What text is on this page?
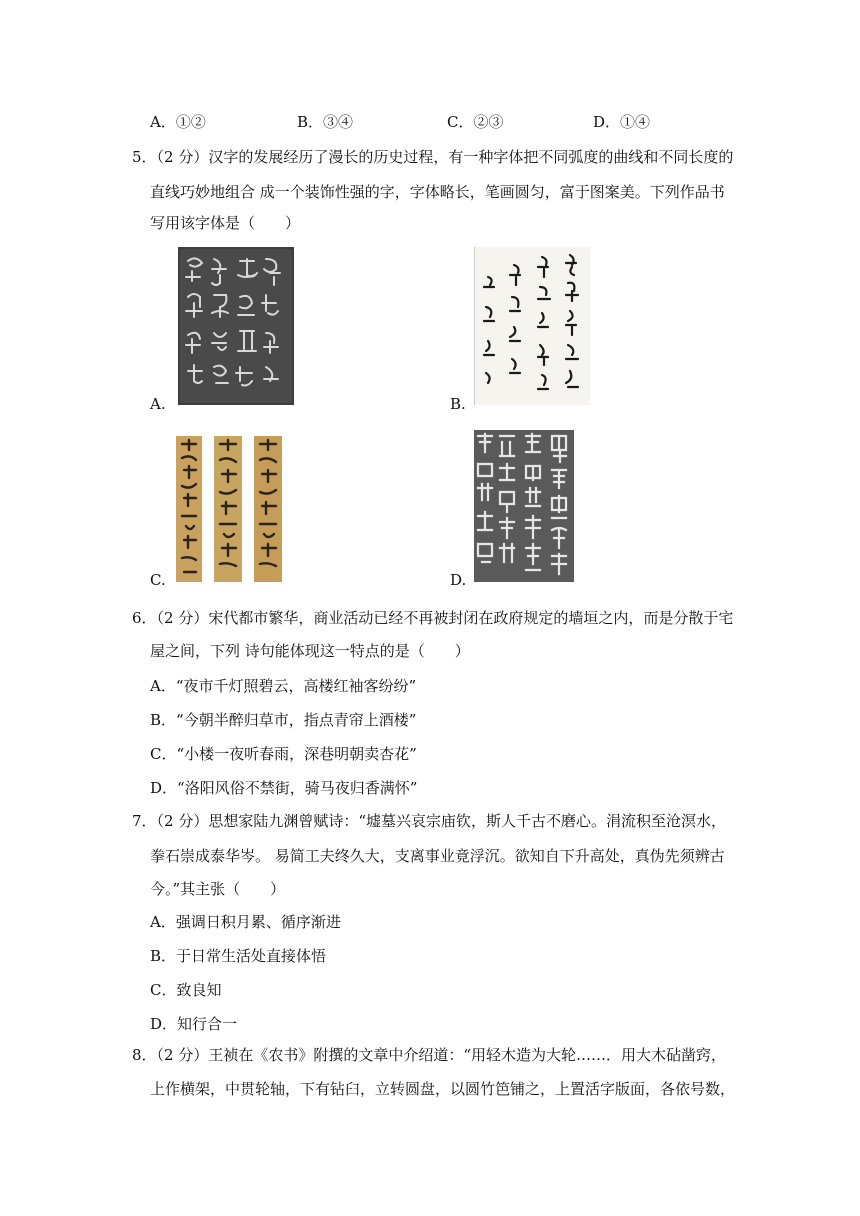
A．①②	B．③④	C．②③	D．①④
5．（2 分）汉字的发展经历了漫长的历史过程，有一种字体把不同弧度的曲线和不同长度的
直线巧妙地组合 成一个装饰性强的字，字体略长，笔画圆匀，富于图案美。下列作品书
写用该字体是（　　）
A.	B.
C.	D.
6．（2 分）宋代都市繁华，商业活动已经不再被封闭在政府规定的墙垣之内，而是分散于宅
屋之间，下列 诗句能体现这一特点的是（　　）
A．“夜市千灯照碧云，高楼红袖客纷纷”
B．“今朝半醉归草市，指点青帘上酒楼”
C．“小楼一夜听春雨，深巷明朝卖杏花”
D．“洛阳风俗不禁街，骑马夜归香满怀”
7．（2 分）思想家陆九渊曾赋诗：“墟墓兴哀宗庙钦，斯人千古不磨心。涓流积至沧溟水，
拳石崇成泰华岑。 易简工夫终久大，支离事业竟浮沉。欲知自下升高处，真伪先须辨古
今。”其主张（　　）
A．强调日积月累、循序渐进
B．于日常生活处直接体悟
C．致良知
D．知行合一
8．（2 分）王祯在《农书》附撰的文章中介绍道：“用轻木造为大轮……．用大木砧凿窍，
上作横架，中贯轮轴，下有钻臼，立转圆盘，以圆竹笆铺之，上置活字版面，各依号数，
